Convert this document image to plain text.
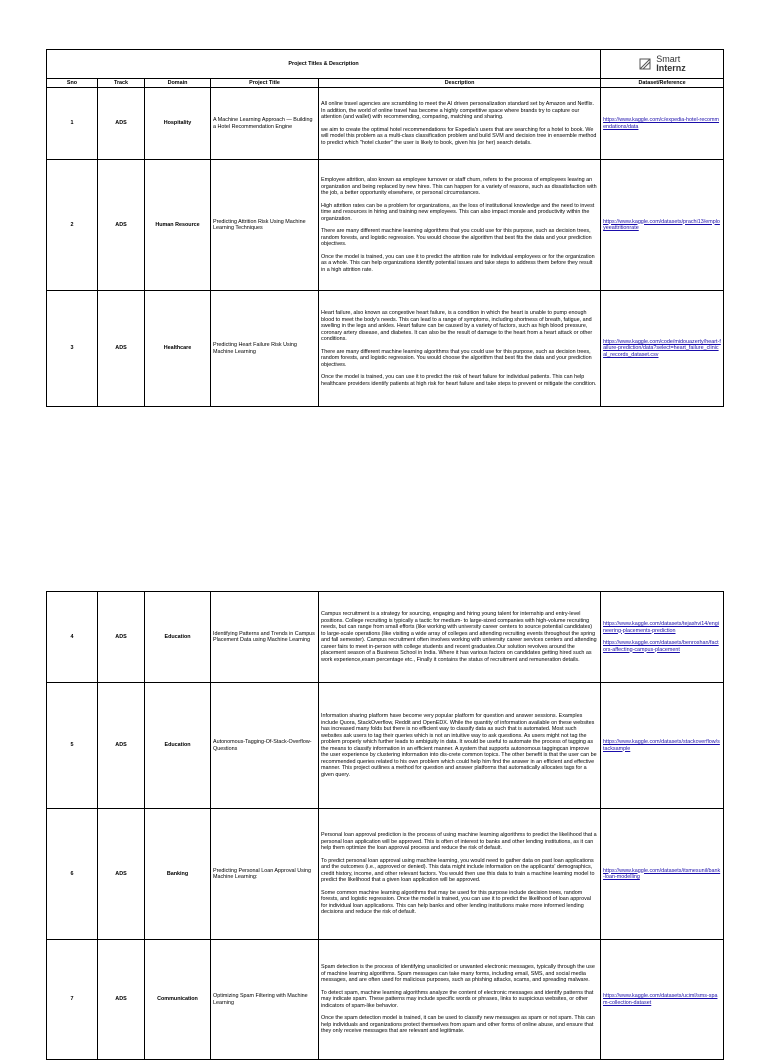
Project Titles & Description					Smart
Internz

Sno	Track	Domain	Project Title	Description	Dataset/Reference
1	ADS	Hospitality	A Machine Learning Approach — Building a Hotel Recommendation Engine	All online travel agencies are scrambling to meet the AI driven personalization standard set by Amazon and Netflix. In addition, the world of online travel has become a highly competitive space where brands try to capture our attention (and wallet) with recommending, comparing, matching and sharing.

we aim to create the optimal hotel recommendations for Expedia's users that are searching for a hotel to book. We will model this problem as a multi-class classification problem and build SVM and decision tree in ensemble method to predict which "hotel cluster" the user is likely to book, given his (or her) search details.	https://www.kaggle.com/c/expedia-hotel-recommendations/data

2	ADS	Human Resource	Predicting Attrition Risk Using Machine Learning Techniques	Employee attrition, also known as employee turnover or staff churn, refers to the process of employees leaving an organization and being replaced by new hires. This can happen for a variety of reasons, such as dissatisfaction with the job, a better opportunity elsewhere, or personal circumstances.

High attrition rates can be a problem for organizations, as the loss of institutional knowledge and the need to invest time and resources in hiring and training new employees. This can also impact morale and productivity within the organization.

There are many different machine learning algorithms that you could use for this purpose, such as decision trees, random forests, and logistic regression. You would choose the algorithm that best fits the data and your prediction objectives.

Once the model is trained, you can use it to predict the attrition rate for individual employees or for the organization as a whole. This can help organizations identify potential issues and take steps to address them before they result in a high attrition rate.	https://www.kaggle.com/datasets/prachi13/employeeattritionrate

3	ADS	Healthcare	Predicting Heart Failure Risk Using Machine Learning	Heart failure, also known as congestive heart failure, is a condition in which the heart is unable to pump enough blood to meet the body's needs. This can lead to a range of symptoms, including shortness of breath, fatigue, and swelling in the legs and ankles. Heart failure can be caused by a variety of factors, such as high blood pressure, coronary artery disease, and diabetes. It can also be the result of damage to the heart from a heart attack or other conditions.

There are many different machine learning algorithms that you could use for this purpose, such as decision trees, random forests, and logistic regression. You would choose the algorithm that best fits the data and your prediction objectives.

Once the model is trained, you can use it to predict the risk of heart failure for individual patients. This can help healthcare providers identify patients at high risk for heart failure and take steps to prevent or mitigate the condition.	https://www.kaggle.com/code/midouazerty/heart-failure-prediction/data?select=heart_failure_clinical_records_dataset.csv
4	ADS	Education	Identifying Patterns and Trends in Campus Placement Data using Machine Learning	Campus recruitment is a strategy for sourcing, engaging and hiring young talent for internship and entry-level positions. College recruiting is typically a tactic for medium- to large-sized companies with high-volume recruiting needs, but can range from small efforts (like working with university career centers to source potential candidates) to large-scale operations (like visiting a wide array of colleges and attending recruiting events throughout the spring and fall semester). Campus recruitment often involves working with university career services centers and attending career fairs to meet in-person with college students and recent graduates.Our solution revolves around the placement season of a Business School in India. Where it has various factors on candidates getting hired such as work experience,exam percentage etc., Finally it contains the status of recruitment and remuneration details.	https://www.kaggle.com/datasets/tejashvi14/engineering-placements-prediction
https://www.kaggle.com/datasets/benroshan/factors-affecting-campus-placement

5	ADS	Education	Autonomous-Tagging-Of-Stack-Overflow-Questions	Information sharing platform have become very popular platform for question and answer sessions. Examples include Quora, StackOverflow, Reddit and OpenEDX. While the quantity of information available on these websites has increased many folds but there is no efficient way to classify data as such that is automated. Most such websites ask users to tag their queries which is not an intuitive way to ask questions. As users might not tag the problem properly which further leads to ambiguity in data. It would be useful to automate the process of tagging as the means to classify information in an efficient manner. A system that supports autonomous taggingcan improve the user experience by clustering information into dis-crete common topics. The other benefit is that the user can be recommended queries related to his own problem which could help him find the answer in an efficient and effective manner. This project outlines a method for question and answer platforms that automatically allocates tags for a given query.	https://www.kaggle.com/datasets/stackoverflow/stacksample

6	ADS	Banking	Predicting Personal Loan Approval Using Machine Learning:	Personal loan approval prediction is the process of using machine learning algorithms to predict the likelihood that a personal loan application will be approved. This is often of interest to banks and other lending institutions, as it can help them optimize the loan approval process and reduce the risk of default.

To predict personal loan approval using machine learning, you would need to gather data on past loan applications and the outcomes (i.e., approved or denied). This data might include information on the applicants' demographics, credit history, income, and other relevant factors. You would then use this data to train a machine learning model to predict the likelihood that a given loan application will be approved.

Some common machine learning algorithms that may be used for this purpose include decision trees, random forests, and logistic regression. Once the model is trained, you can use it to predict the likelihood of loan approval for individual loan applications. This can help banks and other lending institutions make more informed lending decisions and reduce the risk of default.	https://www.kaggle.com/datasets/itsmesunil/bank-loan-modelling

7	ADS	Communication	Optimizing Spam Filtering with Machine Learning	Spam detection is the process of identifying unsolicited or unwanted electronic messages, typically through the use of machine learning algorithms. Spam messages can take many forms, including email, SMS, and social media messages, and are often used for malicious purposes, such as phishing attacks, scams, and spreading malware.

To detect spam, machine learning algorithms analyze the content of electronic messages and identify patterns that may indicate spam. These patterns may include specific words or phrases, links to suspicious websites, or other indicators of spam-like behavior.

Once the spam detection model is trained, it can be used to classify new messages as spam or not spam. This can help individuals and organizations protect themselves from spam and other forms of online abuse, and ensure that they only receive messages that are relevant and legitimate.	https://www.kaggle.com/datasets/uciml/sms-spam-collection-dataset
